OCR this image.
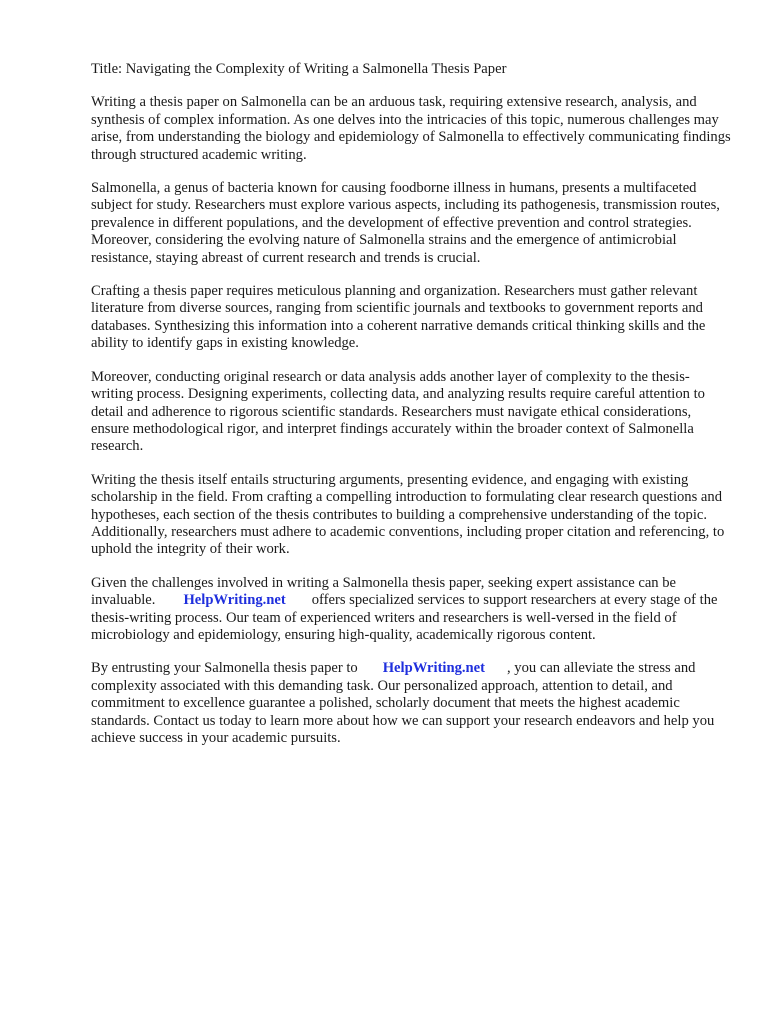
Title: Navigating the Complexity of Writing a Salmonella Thesis Paper

Writing a thesis paper on Salmonella can be an arduous task, requiring extensive research, analysis, and synthesis of complex information. As one delves into the intricacies of this topic, numerous challenges may arise, from understanding the biology and epidemiology of Salmonella to effectively communicating findings through structured academic writing.

Salmonella, a genus of bacteria known for causing foodborne illness in humans, presents a multifaceted subject for study. Researchers must explore various aspects, including its pathogenesis, transmission routes, prevalence in different populations, and the development of effective prevention and control strategies. Moreover, considering the evolving nature of Salmonella strains and the emergence of antimicrobial resistance, staying abreast of current research and trends is crucial.

Crafting a thesis paper requires meticulous planning and organization. Researchers must gather relevant literature from diverse sources, ranging from scientific journals and textbooks to government reports and databases. Synthesizing this information into a coherent narrative demands critical thinking skills and the ability to identify gaps in existing knowledge.

Moreover, conducting original research or data analysis adds another layer of complexity to the thesis-writing process. Designing experiments, collecting data, and analyzing results require careful attention to detail and adherence to rigorous scientific standards. Researchers must navigate ethical considerations, ensure methodological rigor, and interpret findings accurately within the broader context of Salmonella research.

Writing the thesis itself entails structuring arguments, presenting evidence, and engaging with existing scholarship in the field. From crafting a compelling introduction to formulating clear research questions and hypotheses, each section of the thesis contributes to building a comprehensive understanding of the topic. Additionally, researchers must adhere to academic conventions, including proper citation and referencing, to uphold the integrity of their work.

Given the challenges involved in writing a Salmonella thesis paper, seeking expert assistance can be invaluable. HelpWriting.net offers specialized services to support researchers at every stage of the thesis-writing process. Our team of experienced writers and researchers is well-versed in the field of microbiology and epidemiology, ensuring high-quality, academically rigorous content.

By entrusting your Salmonella thesis paper to HelpWriting.net , you can alleviate the stress and complexity associated with this demanding task. Our personalized approach, attention to detail, and commitment to excellence guarantee a polished, scholarly document that meets the highest academic standards. Contact us today to learn more about how we can support your research endeavors and help you achieve success in your academic pursuits.
